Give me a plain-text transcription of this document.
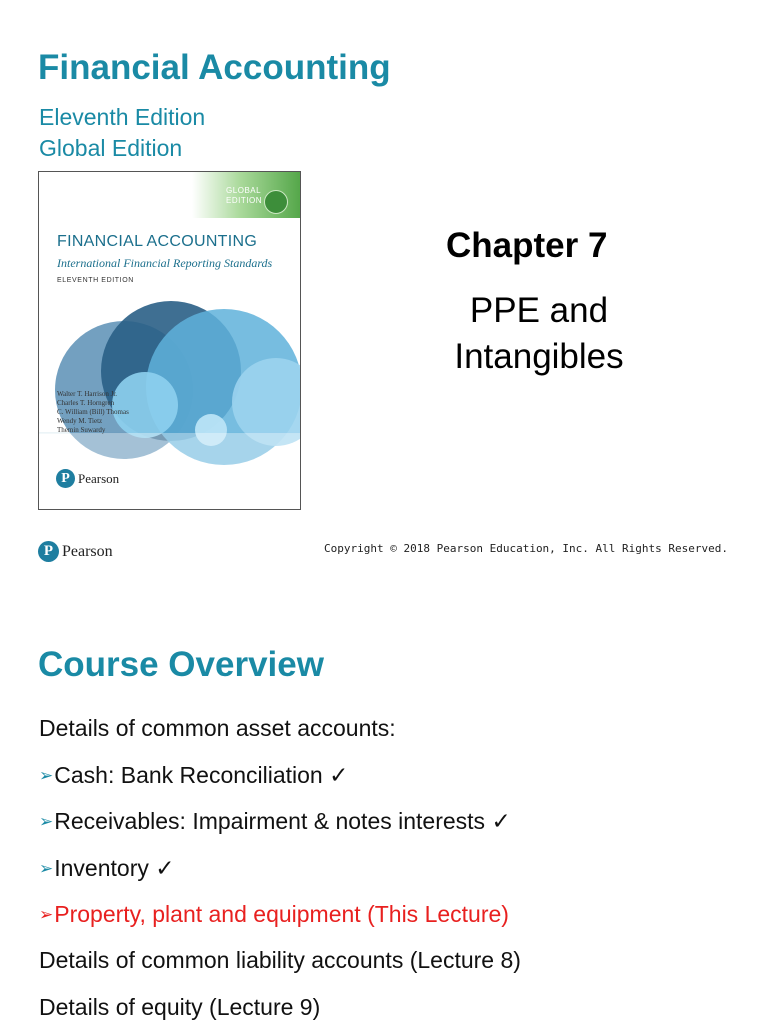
Financial Accounting
Eleventh Edition
Global Edition
GLOBAL
EDITION
FINANCIAL ACCOUNTING
International Financial Reporting Standards
ELEVENTH EDITION
Walter T. Harrison Jr.
Charles T. Horngren
C. William (Bill) Thomas
Wendy M. Tietz
Themin Suwardy
P Pearson
Chapter 7
PPE and
Intangibles
P Pearson	Copyright © 2018 Pearson Education, Inc. All Rights Reserved.
Course Overview
Details of common asset accounts:
➢Cash: Bank Reconciliation ✓
➢Receivables: Impairment & notes interests ✓
➢Inventory ✓
➢Property, plant and equipment (This Lecture)
Details of common liability accounts (Lecture 8)
Details of equity (Lecture 9)
